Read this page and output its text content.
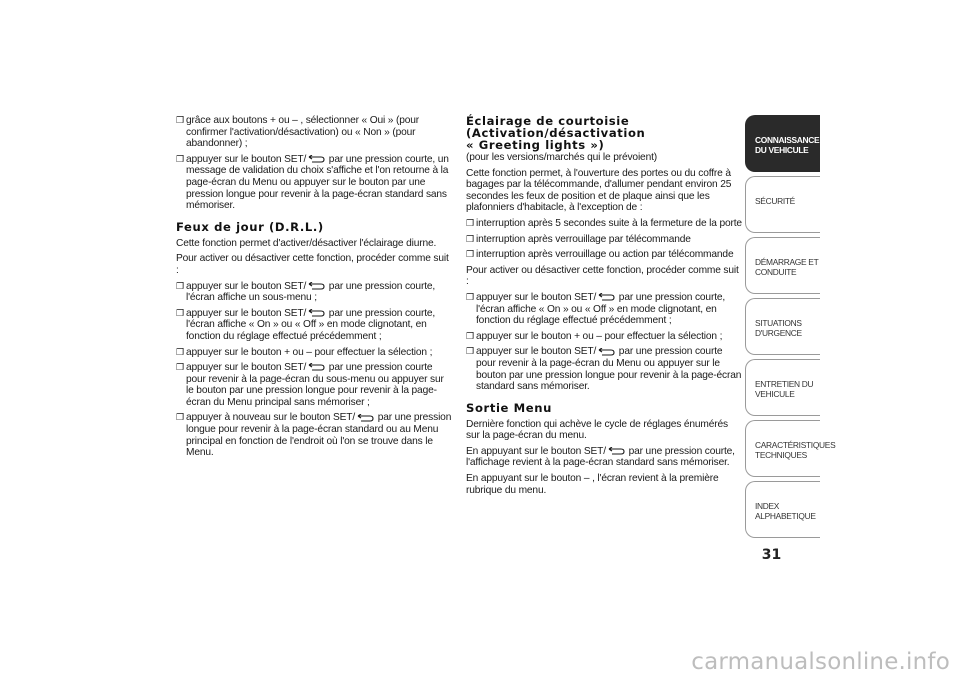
❒ grâce aux boutons + ou – , sélectionner « Oui » (pour confirmer l'activation/désactivation) ou « Non » (pour abandonner) ;
❒ appuyer sur le bouton SET/
par une pression courte, un message de validation du choix s'affiche et l'on retourne à la page-écran du Menu ou appuyer sur le bouton par une pression longue pour revenir à la page-écran standard sans mémoriser.
Feux de jour (D.R.L.)

Cette fonction permet d'activer/désactiver l'éclairage diurne.

Pour activer ou désactiver cette fonction, procéder comme suit :

❒ appuyer sur le bouton SET/
par une pression courte, l'écran affiche un sous-menu ;
❒ appuyer sur le bouton SET/
par une pression courte, l'écran affiche « On » ou « Off » en mode clignotant, en fonction du réglage effectué précédemment ;
❒ appuyer sur le bouton + ou – pour effectuer la sélection ;
❒ appuyer sur le bouton SET/
par une pression courte pour revenir à la page-écran du sous-menu ou appuyer sur le bouton par une pression longue pour revenir à la page-écran du Menu principal sans mémoriser ;
❒ appuyer à nouveau sur le bouton SET/
par une pression longue pour revenir à la page-écran standard ou au Menu principal en fonction de l'endroit où l'on se trouve dans le Menu.
Éclairage de courtoisie
(Activation/désactivation
« Greeting lights »)

(pour les versions/marchés qui le prévoient)

Cette fonction permet, à l'ouverture des portes ou du coffre à bagages par la télécommande, d'allumer pendant environ 25 secondes les feux de position et de plaque ainsi que les plafonniers d'habitacle, à l'exception de :

❒ interruption après 5 secondes suite à la fermeture de la porte
❒ interruption après verrouillage par télécommande
❒ interruption après verrouillage ou action par télécommande

Pour activer ou désactiver cette fonction, procéder comme suit :

❒ appuyer sur le bouton SET/
par une pression courte, l'écran affiche « On » ou « Off » en mode clignotant, en fonction du réglage effectué précédemment ;
❒ appuyer sur le bouton + ou – pour effectuer la sélection ;
❒ appuyer sur le bouton SET/
par une pression courte pour revenir à la page-écran du Menu ou appuyer sur le bouton par une pression longue pour revenir à la page-écran standard sans mémoriser.
Sortie Menu

Dernière fonction qui achève le cycle de réglages énumérés sur la page-écran du menu.

En appuyant sur le bouton SET/
par une pression courte, l'affichage revient à la page-écran standard sans mémoriser.

En appuyant sur le bouton – , l'écran revient à la première rubrique du menu.

CONNAISSANCE
DU VEHICULE
SÉCURITÉ
DÉMARRAGE ET
CONDUITE
SITUATIONS
D'URGENCE
ENTRETIEN DU
VEHICULE
CARACTÉRISTIQUES
TECHNIQUES
INDEX
ALPHABETIQUE
31
carmanualsonline.info
